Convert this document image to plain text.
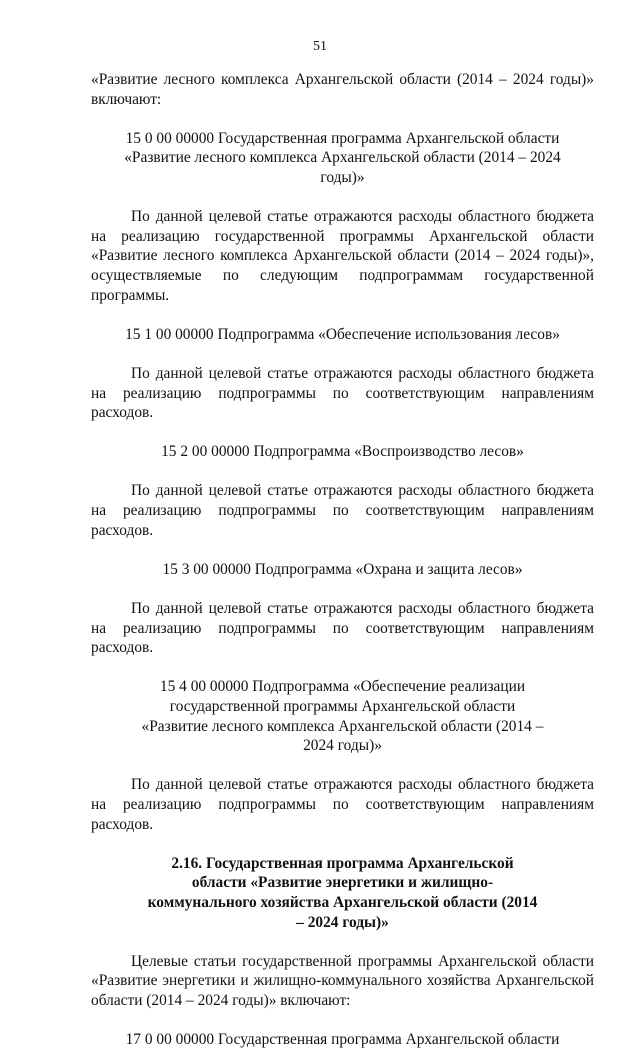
51

«Развитие лесного комплекса Архангельской области (2014 – 2024 годы)» включают:

15 0 00 00000 Государственная программа Архангельской области «Развитие лесного комплекса Архангельской области (2014 – 2024 годы)»

По данной целевой статье отражаются расходы областного бюджета на реализацию государственной программы Архангельской области «Развитие лесного комплекса Архангельской области (2014 – 2024 годы)», осуществляемые по следующим подпрограммам государственной программы.

15 1 00 00000 Подпрограмма «Обеспечение использования лесов»

По данной целевой статье отражаются расходы областного бюджета на реализацию подпрограммы по соответствующим направлениям расходов.

15 2 00 00000 Подпрограмма «Воспроизводство лесов»

По данной целевой статье отражаются расходы областного бюджета на реализацию подпрограммы по соответствующим направлениям расходов.

15 3 00 00000 Подпрограмма «Охрана и защита лесов»

По данной целевой статье отражаются расходы областного бюджета на реализацию подпрограммы по соответствующим направлениям расходов.

15 4 00 00000 Подпрограмма «Обеспечение реализации государственной программы Архангельской области «Развитие лесного комплекса Архангельской области (2014 – 2024 годы)»

По данной целевой статье отражаются расходы областного бюджета на реализацию подпрограммы по соответствующим направлениям расходов.

2.16. Государственная программа Архангельской области «Развитие энергетики и жилищно-коммунального хозяйства Архангельской области (2014 – 2024 годы)»

Целевые статьи государственной программы Архангельской области «Развитие энергетики и жилищно-коммунального хозяйства Архангельской области (2014 – 2024 годы)» включают:

17 0 00 00000 Государственная программа Архангельской области
